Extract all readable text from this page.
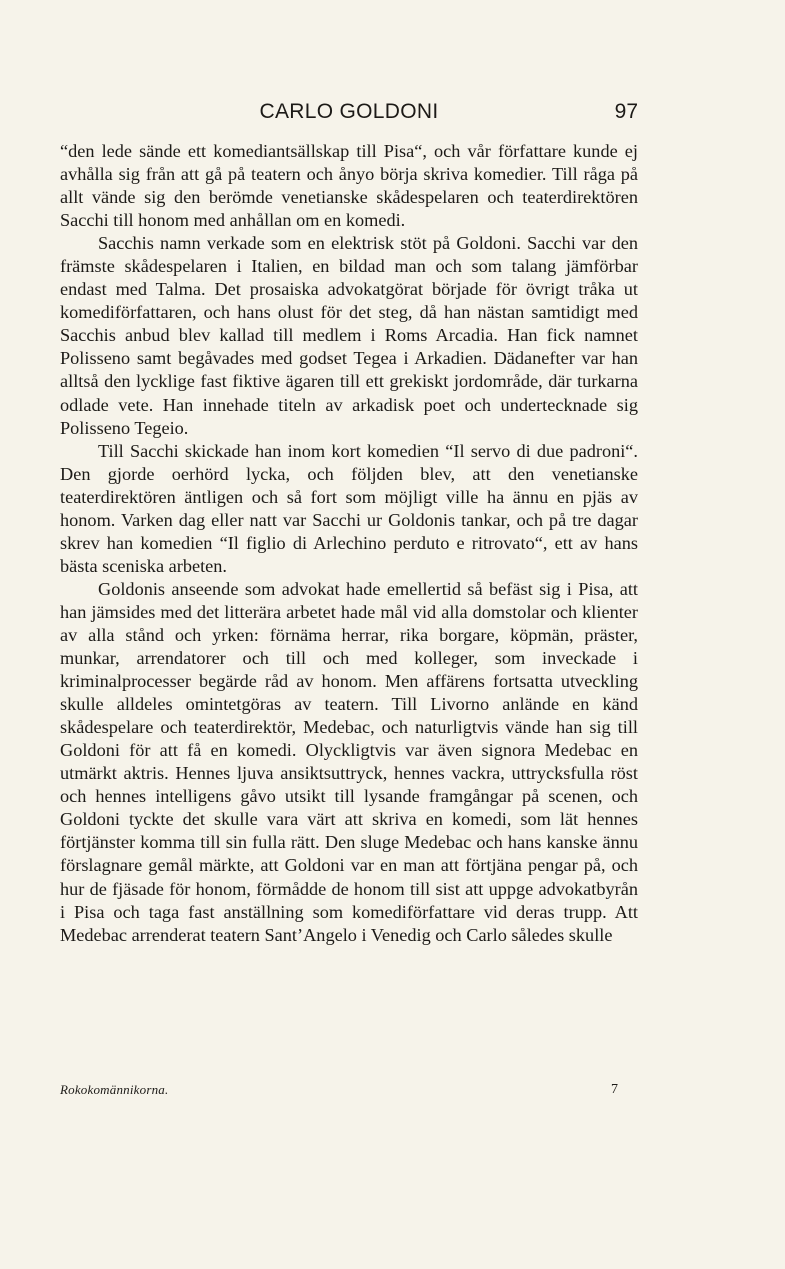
CARLO GOLDONI	97

“den lede sände ett komediantsällskap till Pisa“, och vår författare kunde ej avhålla sig från att gå på teatern och ånyo börja skriva komedier. Till råga på allt vände sig den berömde venetianske skådespelaren och teaterdirektören Sacchi till honom med anhållan om en komedi.

Sacchis namn verkade som en elektrisk stöt på Goldoni. Sacchi var den främste skådespelaren i Italien, en bildad man och som talang jämförbar endast med Talma. Det prosaiska advokatgörat började för övrigt tråka ut komediförfattaren, och hans olust för det steg, då han nästan samtidigt med Sacchis anbud blev kallad till medlem i Roms Arcadia. Han fick namnet Polisseno samt begåvades med godset Tegea i Arkadien. Dädanefter var han alltså den lycklige fast fiktive ägaren till ett grekiskt jordområde, där turkarna odlade vete. Han innehade titeln av arkadisk poet och undertecknade sig Polisseno Tegeio.

Till Sacchi skickade han inom kort komedien “Il servo di due padroni“. Den gjorde oerhörd lycka, och följden blev, att den venetianske teaterdirektören äntligen och så fort som möjligt ville ha ännu en pjäs av honom. Varken dag eller natt var Sacchi ur Goldonis tankar, och på tre dagar skrev han komedien “Il figlio di Arlechino perduto e ritrovato“, ett av hans bästa sceniska arbeten.

Goldonis anseende som advokat hade emellertid så befäst sig i Pisa, att han jämsides med det litterära arbetet hade mål vid alla domstolar och klienter av alla stånd och yrken: förnäma herrar, rika borgare, köpmän, präster, munkar, arrendatorer och till och med kolleger, som inveckade i kriminalprocesser begärde råd av honom. Men affärens fortsatta utveckling skulle alldeles omintetgöras av teatern. Till Livorno anlände en känd skådespelare och teaterdirektör, Medebac, och naturligtvis vände han sig till Goldoni för att få en komedi. Olyckligtvis var även signora Medebac en utmärkt aktris. Hennes ljuva ansiktsuttryck, hennes vackra, uttrycksfulla röst och hennes intelligens gåvo utsikt till lysande framgångar på scenen, och Goldoni tyckte det skulle vara värt att skriva en komedi, som lät hennes förtjänster komma till sin fulla rätt. Den sluge Medebac och hans kanske ännu förslagnare gemål märkte, att Goldoni var en man att förtjäna pengar på, och hur de fjäsade för honom, förmådde de honom till sist att uppge advokatbyrån i Pisa och taga fast anställning som komediförfattare vid deras trupp. Att Medebac arrenderat teatern Sant’Angelo i Venedig och Carlo således skulle

Rokokomännikorna.	7
